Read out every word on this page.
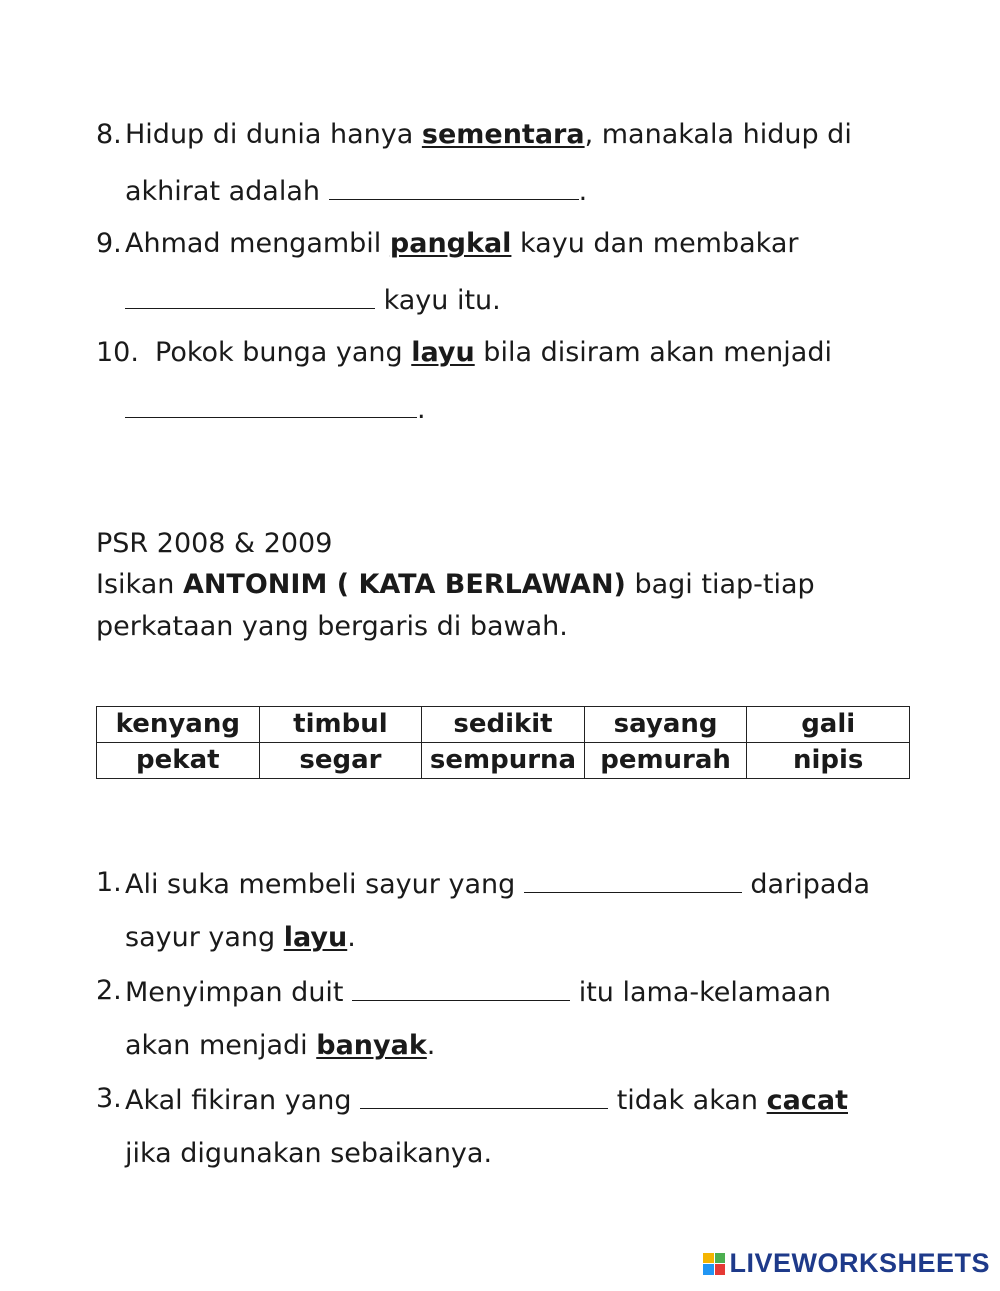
8. Hidup di dunia hanya sementara, manakala hidup di
akhirat adalah	.
9. Ahmad mengambil pangkal kayu dan membakar
kayu itu.
10. Pokok bunga yang layu bila disiram akan menjadi
.
PSR 2008 & 2009
Isikan ANTONIM ( KATA BERLAWAN) bagi tiap-tiap
perkataan yang bergaris di bawah.
kenyang	timbul	sedikit	sayang	gali
pekat	segar	sempurna	pemurah	nipis
1. Ali suka membeli sayur yang	daripada
sayur yang layu.
2. Menyimpan duit	itu lama-kelamaan
akan menjadi banyak.
3. Akal fikiran yang	tidak akan cacat
jika digunakan sebaikanya.
LIVEWORKSHEETS
